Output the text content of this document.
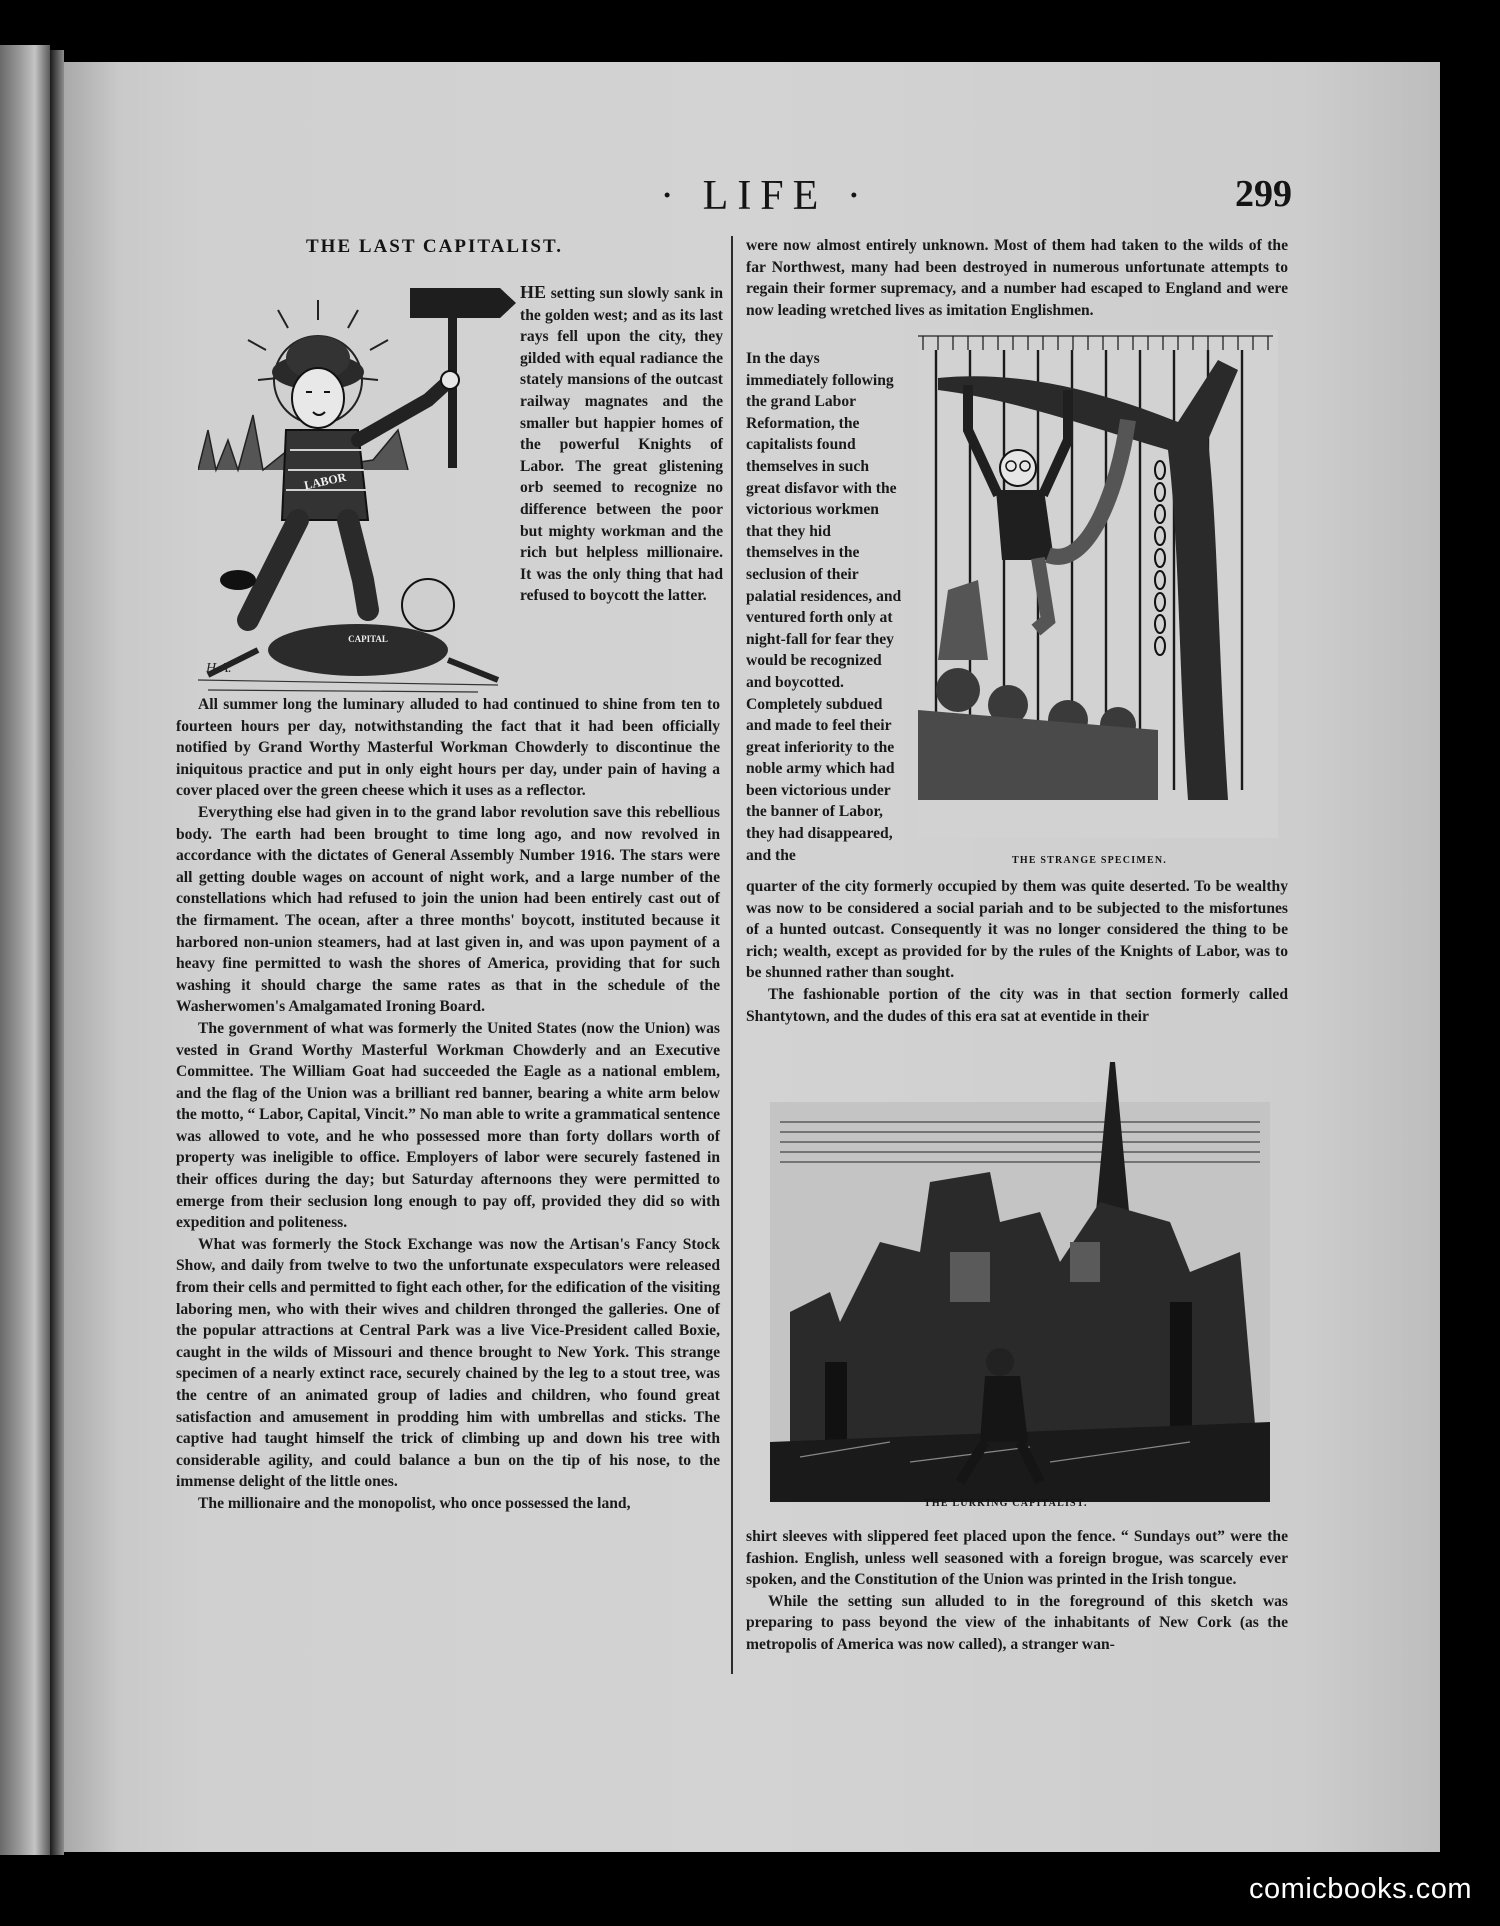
· LIFE ·	299
THE LAST CAPITALIST.
LABOR
CAPITAL
H.A.
HE setting sun slowly sank in the golden west; and as its last rays fell upon the city, they gilded with equal radiance the stately mansions of the outcast railway magnates and the smaller but happier homes of the powerful Knights of Labor. The great glistening orb seemed to recognize no difference between the poor but mighty workman and the rich but helpless millionaire. It was the only thing that had refused to boycott the latter.

All summer long the luminary alluded to had continued to shine from ten to fourteen hours per day, notwithstanding the fact that it had been officially notified by Grand Worthy Masterful Workman Chowderly to discontinue the iniquitous practice and put in only eight hours per day, under pain of having a cover placed over the green cheese which it uses as a reflector.

Everything else had given in to the grand labor revolution save this rebellious body. The earth had been brought to time long ago, and now revolved in accordance with the dictates of General Assembly Number 1916. The stars were all getting double wages on account of night work, and a large number of the constellations which had refused to join the union had been entirely cast out of the firmament. The ocean, after a three months' boycott, instituted because it harbored non-union steamers, had at last given in, and was upon payment of a heavy fine permitted to wash the shores of America, providing that for such washing it should charge the same rates as that in the schedule of the Washerwomen's Amalgamated Ironing Board.

The government of what was formerly the United States (now the Union) was vested in Grand Worthy Masterful Workman Chowderly and an Executive Committee. The William Goat had succeeded the Eagle as a national emblem, and the flag of the Union was a brilliant red banner, bearing a white arm below the motto, “ Labor, Capital, Vincit.” No man able to write a grammatical sentence was allowed to vote, and he who possessed more than forty dollars worth of property was ineligible to office. Employers of labor were securely fastened in their offices during the day; but Saturday afternoons they were permitted to emerge from their seclusion long enough to pay off, provided they did so with expedition and politeness.

What was formerly the Stock Exchange was now the Artisan's Fancy Stock Show, and daily from twelve to two the unfortunate exspeculators were released from their cells and permitted to fight each other, for the edification of the visiting laboring men, who with their wives and children thronged the galleries. One of the popular attractions at Central Park was a live Vice-President called Boxie, caught in the wilds of Missouri and thence brought to New York. This strange specimen of a nearly extinct race, securely chained by the leg to a stout tree, was the centre of an animated group of ladies and children, who found great satisfaction and amusement in prodding him with umbrellas and sticks. The captive had taught himself the trick of climbing up and down his tree with considerable agility, and could balance a bun on the tip of his nose, to the immense delight of the little ones.

The millionaire and the monopolist, who once possessed the land,

were now almost entirely unknown. Most of them had taken to the wilds of the far Northwest, many had been destroyed in numerous unfortunate attempts to regain their former supremacy, and a number had escaped to England and were now leading wretched lives as imitation Englishmen.

In the days immediately following the grand Labor Reformation, the capitalists found themselves in such great disfavor with the victorious workmen that they hid themselves in the seclusion of their palatial residences, and ventured forth only at night-fall for fear they would be recognized and boycotted. Completely subdued and made to feel their great inferiority to the noble army which had been victorious under the banner of Labor, they had disappeared, and the	THE STRANGE SPECIMEN.

quarter of the city formerly occupied by them was quite deserted. To be wealthy was now to be considered a social pariah and to be subjected to the misfortunes of a hunted outcast. Consequently it was no longer considered the thing to be rich; wealth, except as provided for by the rules of the Knights of Labor, was to be shunned rather than sought.

The fashionable portion of the city was in that section formerly called Shantytown, and the dudes of this era sat at eventide in their

THE LURKING CAPITALIST.

shirt sleeves with slippered feet placed upon the fence. “ Sundays out” were the fashion. English, unless well seasoned with a foreign brogue, was scarcely ever spoken, and the Constitution of the Union was printed in the Irish tongue.

While the setting sun alluded to in the foreground of this sketch was preparing to pass beyond the view of the inhabitants of New Cork (as the metropolis of America was now called), a stranger wan-

comicbooks.com
